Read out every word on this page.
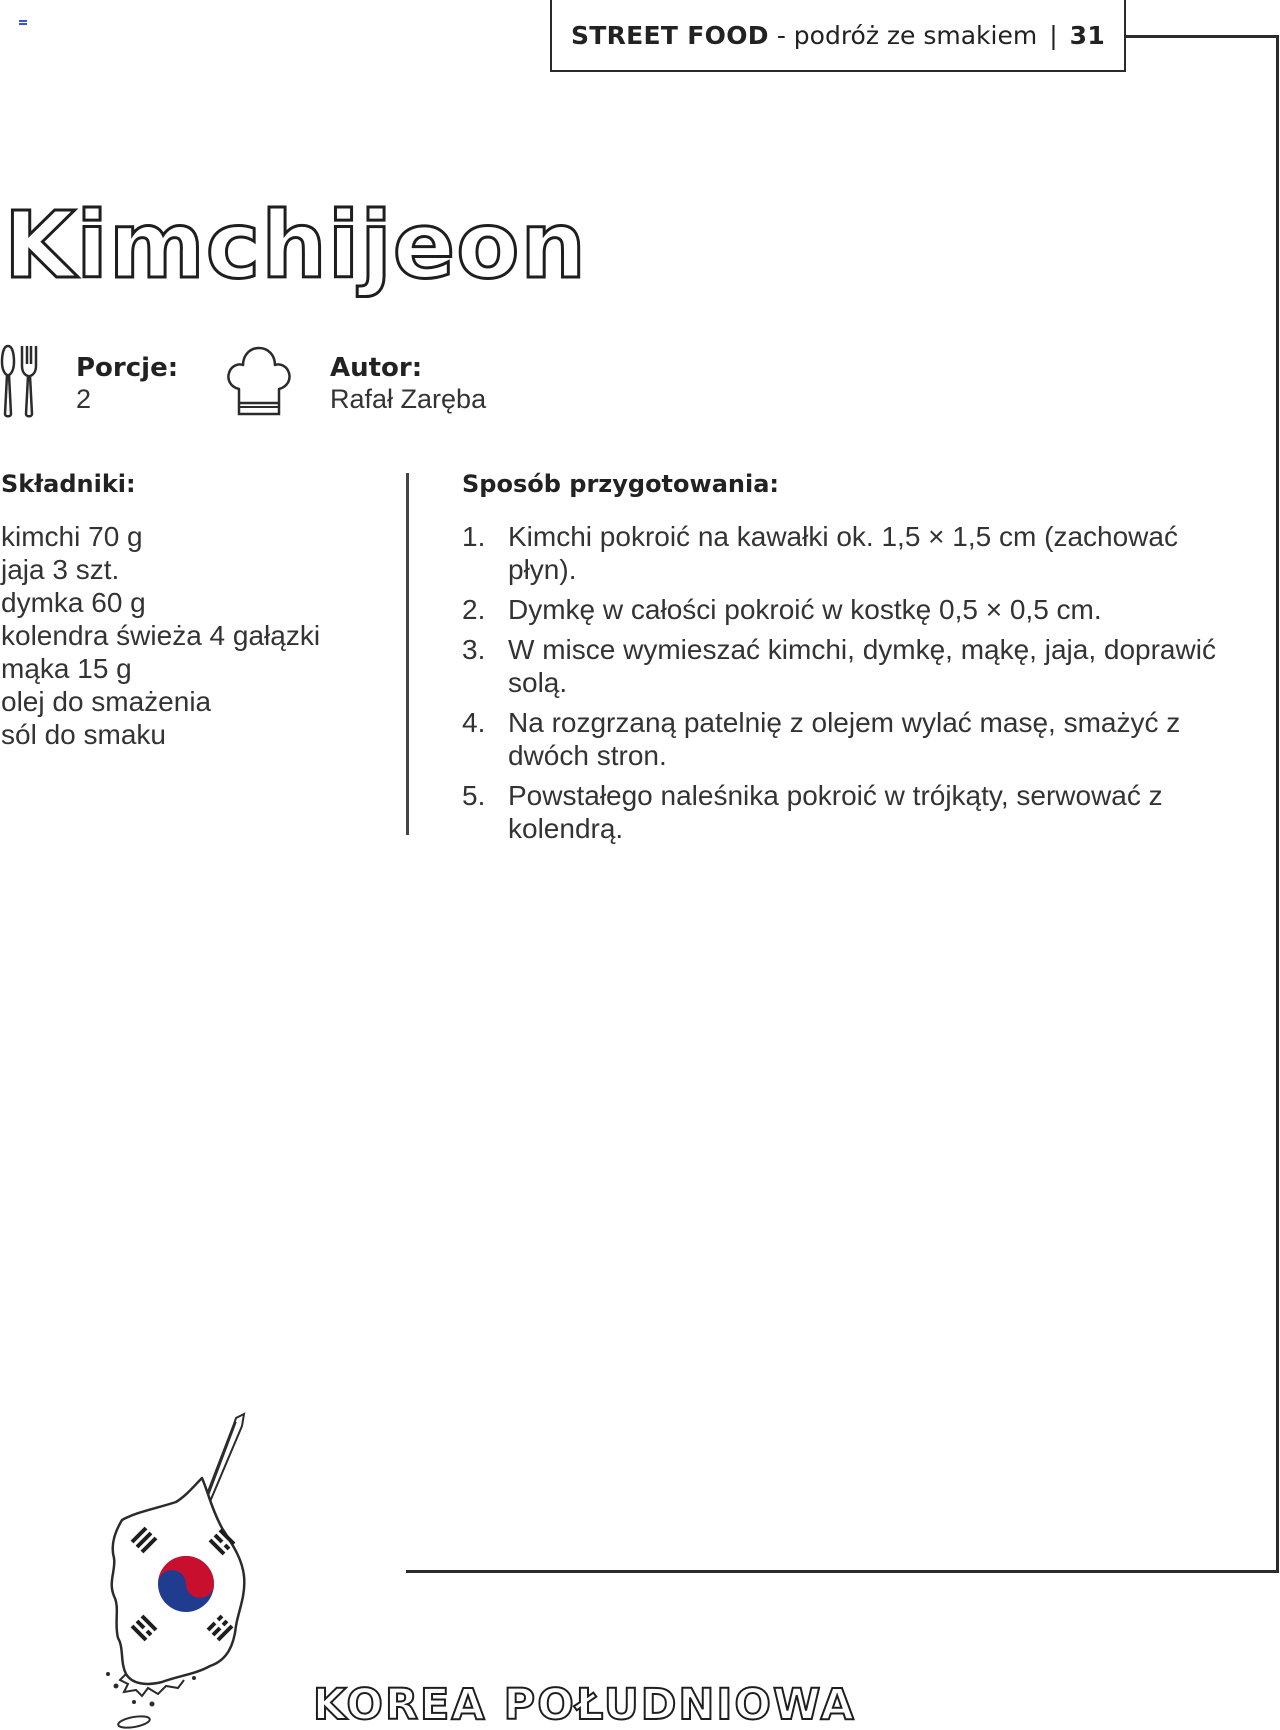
STREET FOOD - podróż ze smakiem | 31
Kimchijeon
Porcje:
2
Autor:
Rafał Zaręba
Składniki:
kimchi 70 g
jaja 3 szt.
dymka 60 g
kolendra świeża 4 gałązki
mąka 15 g
olej do smażenia
sól do smaku
Sposób przygotowania:
1. Kimchi pokroić na kawałki ok. 1,5 × 1,5 cm (zachować płyn).
2. Dymkę w całości pokroić w kostkę 0,5 × 0,5 cm.
3. W misce wymieszać kimchi, dymkę, mąkę, jaja, doprawić solą.
4. Na rozgrzaną patelnię z olejem wylać masę, smażyć z dwóch stron.
5. Powstałego naleśnika pokroić w trójkąty, serwować z kolendrą.
KOREA POŁUDNIOWA
